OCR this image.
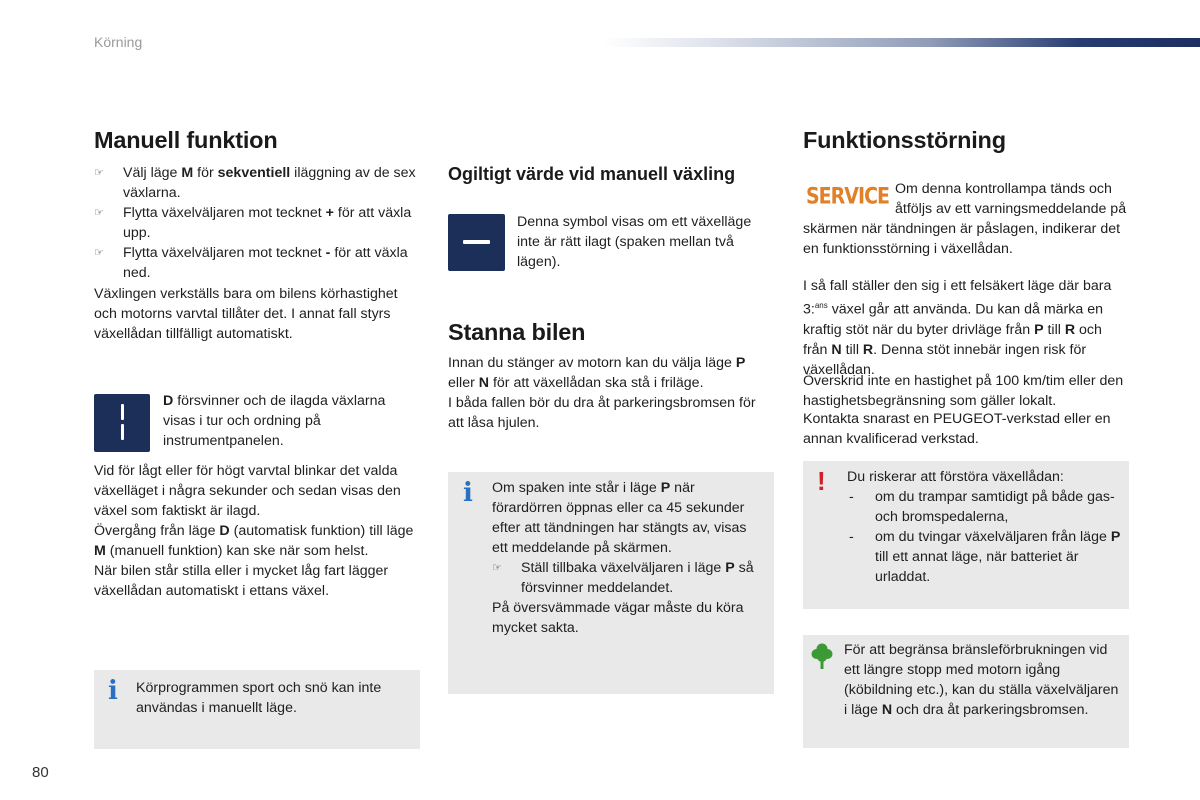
Körning
Manuell funktion
☞ Välj läge M för sekventiell iläggning av de sex växlarna.
☞ Flytta växelväljaren mot tecknet + för att växla upp.
☞ Flytta växelväljaren mot tecknet - för att växla ned.
Växlingen verkställs bara om bilens körhastighet och motorns varvtal tillåter det. I annat fall styrs växellådan tillfälligt automatiskt.
D försvinner och de ilagda växlarna visas i tur och ordning på instrumentpanelen.
Vid för lågt eller för högt varvtal blinkar det valda växelläget i några sekunder och sedan visas den växel som faktiskt är ilagd.
Övergång från läge D (automatisk funktion) till läge M (manuell funktion) kan ske när som helst.
När bilen står stilla eller i mycket låg fart lägger växellådan automatiskt i ettans växel.
i Körprogrammen sport och snö kan inte användas i manuellt läge.
Ogiltigt värde vid manuell växling
Denna symbol visas om ett växelläge inte är rätt ilagt (spaken mellan två lägen).
Stanna bilen
Innan du stänger av motorn kan du välja läge P eller N för att växellådan ska stå i friläge.
I båda fallen bör du dra åt parkeringsbromsen för att låsa hjulen.
i Om spaken inte står i läge P när förardörren öppnas eller ca 45 sekunder efter att tändningen har stängts av, visas ett meddelande på skärmen.
☞ Ställ tillbaka växelväljaren i läge P så försvinner meddelandet.
På översvämmade vägar måste du köra mycket sakta.
Funktionsstörning
SERVICE Om denna kontrollampa tänds och åtföljs av ett varningsmeddelande på skärmen när tändningen är påslagen, indikerar det en funktionsstörning i växellådan.
I så fall ställer den sig i ett felsäkert läge där bara 3:$^{ans}$ växel går att använda. Du kan då märka en kraftig stöt när du byter drivläge från P till R och från N till R. Denna stöt innebär ingen risk för växellådan.
Överskrid inte en hastighet på 100 km/tim eller den hastighetsbegränsning som gäller lokalt.
Kontakta snarast en PEUGEOT-verkstad eller en annan kvalificerad verkstad.
! Du riskerar att förstöra växellådan:
- om du trampar samtidigt på både gas- och bromspedalerna,
- om du tvingar växelväljaren från läge P till ett annat läge, när batteriet är urladdat.
För att begränsa bränsleförbrukningen vid ett längre stopp med motorn igång (köbildning etc.), kan du ställa växelväljaren i läge N och dra åt parkeringsbromsen.
80
